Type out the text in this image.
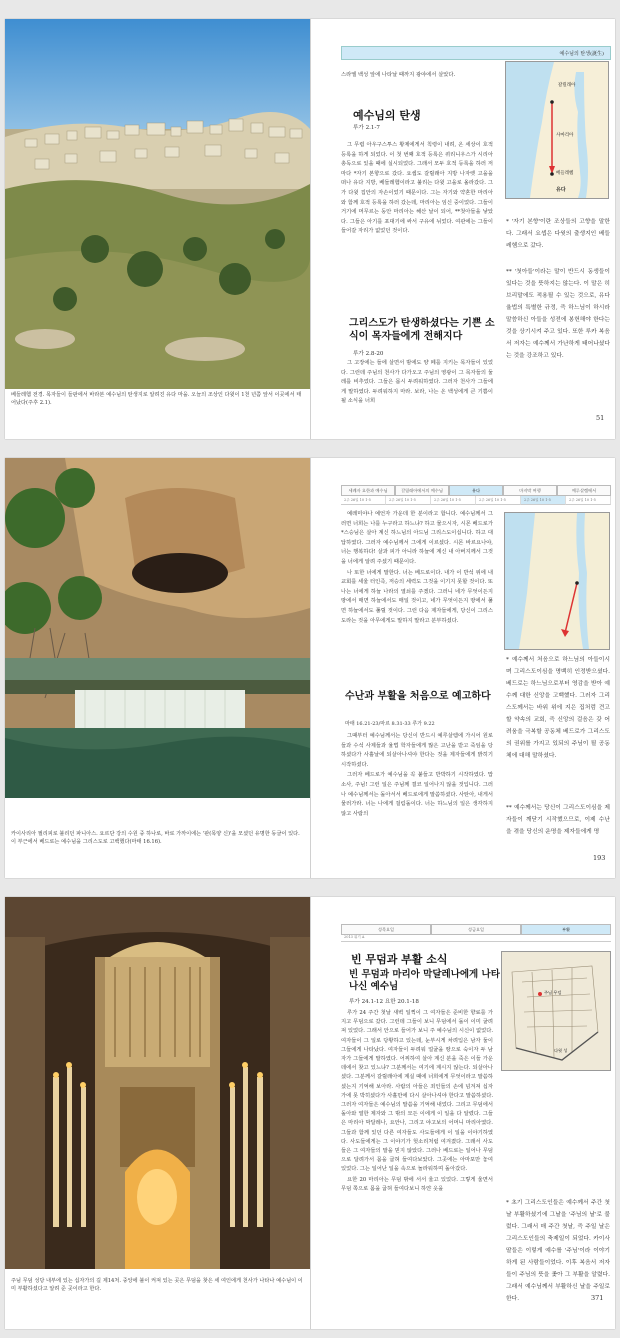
베들레헴 전경. 목자들이 들판에서 바라본 예수님의 탄생지로 알려진 유다 마을. 오늘의 조상인 다윗이 1천 년쯤 앞서 이곳에서 태어났다(주후 2.1).
예수님의 탄생(誕生)
스라엘 백성 앞에 나타날 때까지 광야에서 살았다.
예수님의 탄생
루가 2.1-7

그 무렵 아우구스투스 황제에게서 칙령이 내려, 온 세상이 호적 등록을 하게 되었다. 이 첫 번째 호적 등록은 퀴리니우스가 시리아 총독으로 있을 때에 실시되었다. 그래서 모두 호적 등록을 하러 저마다 *자기 본향으로 갔다. 요셉도 갈릴래아 지방 나자렛 고을을 떠나 유다 지방, 베들레헴이라고 불리는 다윗 고을로 올라갔다. 그가 다윗 집안의 자손이었기 때문이다. 그는 자기와 약혼한 마리아와 함께 호적 등록을 하러 갔는데, 마리아는 임신 중이었다. 그들이 거기에 머무르는 동안 마리아는 해산 날이 되어, **첫아들을 낳았다. 그들은 아기를 포대기에 싸서 구유에 뉘었다. 여관에는 그들이 들어갈 자리가 없었던 것이다.

그리스도가 탄생하셨다는 기쁜 소식이 목자들에게 전해지다
루가 2.8-20

그 고장에는 들에 살면서 밤에도 양 떼를 지키는 목자들이 있었다. 그런데 주님의 천사가 다가오고 주님의 영광이 그 목자들의 둘레를 비추었다. 그들은 몹시 두려워하였다. 그러자 천사가 그들에게 말하였다. 두려워하지 마라. 보라, 나는 온 백성에게 큰 기쁨이 될 소식을 너희

갈릴래아
사마리아
베들레헴
유다
* '자기 본향'이란 조상들의 고향을 말한다. 그래서 요셉은 다윗의 출생지인 베들레헴으로 갔다.
** '첫아들'이라는 말이 반드시 동생들이 있다는 것을 뜻하지는 않는다. 이 말은 히브리말에도 적용될 수 있는 것으로, 유다 율법의 특별한 규정, 즉 하느님이 하시라 말씀하신 아들을 성전에 봉헌해야 한다는 것을 상기시켜 주고 있다. 또한 루카 복음서 저자는 예수께서 가난하게 태어나셨다는 것을 강조하고 있다.
51
카이사리아 필리피로 불리던 파니아스. 요르단 강의 수원 중 하나로, 바로 가까이에는 '판(목양 신)'을 모셨던 유명한 동굴이 있다. 이 부근에서 베드로는 예수님을 그리스도로 고백했다(마태 16.16).
세례자 요한과 예수님	갈릴래아에서의 예수님	유다	마지막 여행	예루살렘에서
2주 26일 10 1-5	2주 26일 10 1-5	2주 26일 10 1-5	2주 26일 10 1-5	2주 26일 10 1-5	2주 26일 10 1-5

예레미야나 예언자 가운데 한 분이라고 합니다. 예수님께서 그러면 너희는 나를 누구라고 하느냐? 하고 물으시자, 시몬 베드로가 *스승님은 살아 계신 하느님의 아드님 그리스도이십니다. 하고 대답하였다. 그러자 예수님께서 그에게 이르셨다. 시몬 바르요나야, 너는 행복하다! 살과 피가 아니라 하늘에 계신 내 아버지께서 그것을 너에게 알려 주셨기 때문이다.

나 또한 너에게 말한다. 너는 베드로이다. 내가 이 반석 위에 내 교회를 세울 터인즉, 저승의 세력도 그것을 이기지 못할 것이다. 또 나는 너에게 하늘 나라의 열쇠를 주겠다. 그러니 네가 무엇이든지 땅에서 매면 하늘에서도 매일 것이고, 네가 무엇이든지 땅에서 풀면 하늘에서도 풀릴 것이다. 그런 다음 제자들에게, 당신이 그리스도라는 것을 아무에게도 말하지 말라고 분부하셨다.

수난과 부활을 처음으로 예고하다
마태 16.21-23/마르 8.31-33 루가 9.22

그때부터 예수님께서는 당신이 반드시 예루살렘에 가시어 원로들과 수석 사제들과 율법 학자들에게 많은 고난을 받고 죽임을 당하셨다가 사흘날에 되살아나셔야 한다는 것을 제자들에게 밝히기 시작하셨다.

그러자 베드로가 예수님을 꼭 붙들고 반박하기 시작하였다. 맙소사, 주님! 그런 일은 주님께 결코 일어나지 않을 것입니다. 그러나 예수님께서는 돌아서서 베드로에게 말씀하셨다. 사탄아, 내게서 물러가라. 너는 나에게 걸림돌이다. 너는 하느님의 일은 생각하지 않고 사람의

* 예수께서 처음으로 하느님의 아들이시며 그리스도이심을 명백히 인정받으셨다. 베드로는 하느님으로부터 영감을 받아 예수께 대한 신앙을 고백했다. 그러자 그리스도께서는 바위 위에 지은 집처럼 견고할 약속의 교회, 즉 신앙의 걸음은 갖 어려움을 극복할 공동체 베드로가 그리스도의 권위를 가지고 있되의 주님이 될 공동체에 대해 말하셨다.
** 예수께서는 당신이 그리스도이심을 제자들이 깨닫기 시작했으므로, 이제 수난을 겪을 당신의 운명을 제자들에게 명
193
주님 무덤 성당 내부에 있는 십자가의 길 제14처. 중앙에 불이 켜져 있는 곳은 무덤을 찾은 세 여인에게 천사가 나타나 예수님이 이미 부활하셨다고 알려 준 곳이라고 한다.
성목요일	성금요일	부활
2013 위기 A
빈 무덤과 부활 소식
빈 무덤과 마리아 막달레나에게 나타나신 예수님
루가 24.1-12 요한 20.1-18

루가 24 주간 첫날 새벽 일찍이 그 여자들은 준비한 향료를 가지고 무덤으로 갔다. 그런데 그들이 보니 무덤에서 돌이 이미 굴려져 있었다. 그래서 안으로 들어가 보니 주 예수님의 시신이 없었다. 여자들이 그 일로 당황하고 있는데, 눈부시게 차려입은 남자 둘이 그들에게 나타났다. 여자들이 두려워 얼굴을 땅으로 숙이자 두 남자가 그들에게 말하였다. 어찌하여 살아 계신 분을 죽은 이들 가운데에서 찾고 있느냐? 그분께서는 여기에 계시지 않는다. 되살아나셨다. 그분께서 갈릴래아에 계실 때에 너희에게 무엇이라고 말씀하셨는지 기억해 보아라. 사람의 아들은 죄인들의 손에 넘겨져 십자가에 못 박히셨다가 사흘만에 다시 살아나셔야 한다고 말씀하셨다. 그러자 여자들은 예수님의 말씀을 기억해 내었다. 그리고 무덤에서 돌아와 열한 제자와 그 밖의 모든 이에게 이 일을 다 알렸다. 그들은 마리아 막달레나, 요안나, 그리고 야고보의 어머니 마리아였다. 그들과 함께 있던 다른 여자들도 사도들에게 이 일을 이야기하였다. 사도들에게는 그 이야기가 헛소리처럼 여겨졌다. 그래서 사도들은 그 여자들의 말을 믿지 않았다. 그러나 베드로는 일어나 무덤으로 달려가서 몸을 굽혀 들여다보았다. 그곳에는 아마포만 놓여 있었다. 그는 일어난 일을 속으로 놀라워하며 돌아갔다.

요한 20 마리아는 무덤 밖에 서서 울고 있었다. 그렇게 울면서 무덤 쪽으로 몸을 굽혀 들여다보니 하얀 옷을

주님 무덤
다윗 성
* 초기 그리스도인들은 예수께서 주간 첫날 부활하셨기에 그날을 '주님의 날'로 불렀다. 그래서 매 주간 첫날, 즉 주일 날은 그리스도인들의 축제일이 되었다. 카이사 딸들은 이렇게 예수를 '주님'이라 이야기하게 된 사람들이었다. 이후 복음서 저자들이 주님의 뜻을 좇아 그 부활을 알렸다. 그래서 예수님께서 부활하신 날을 주일로 한다.	371
